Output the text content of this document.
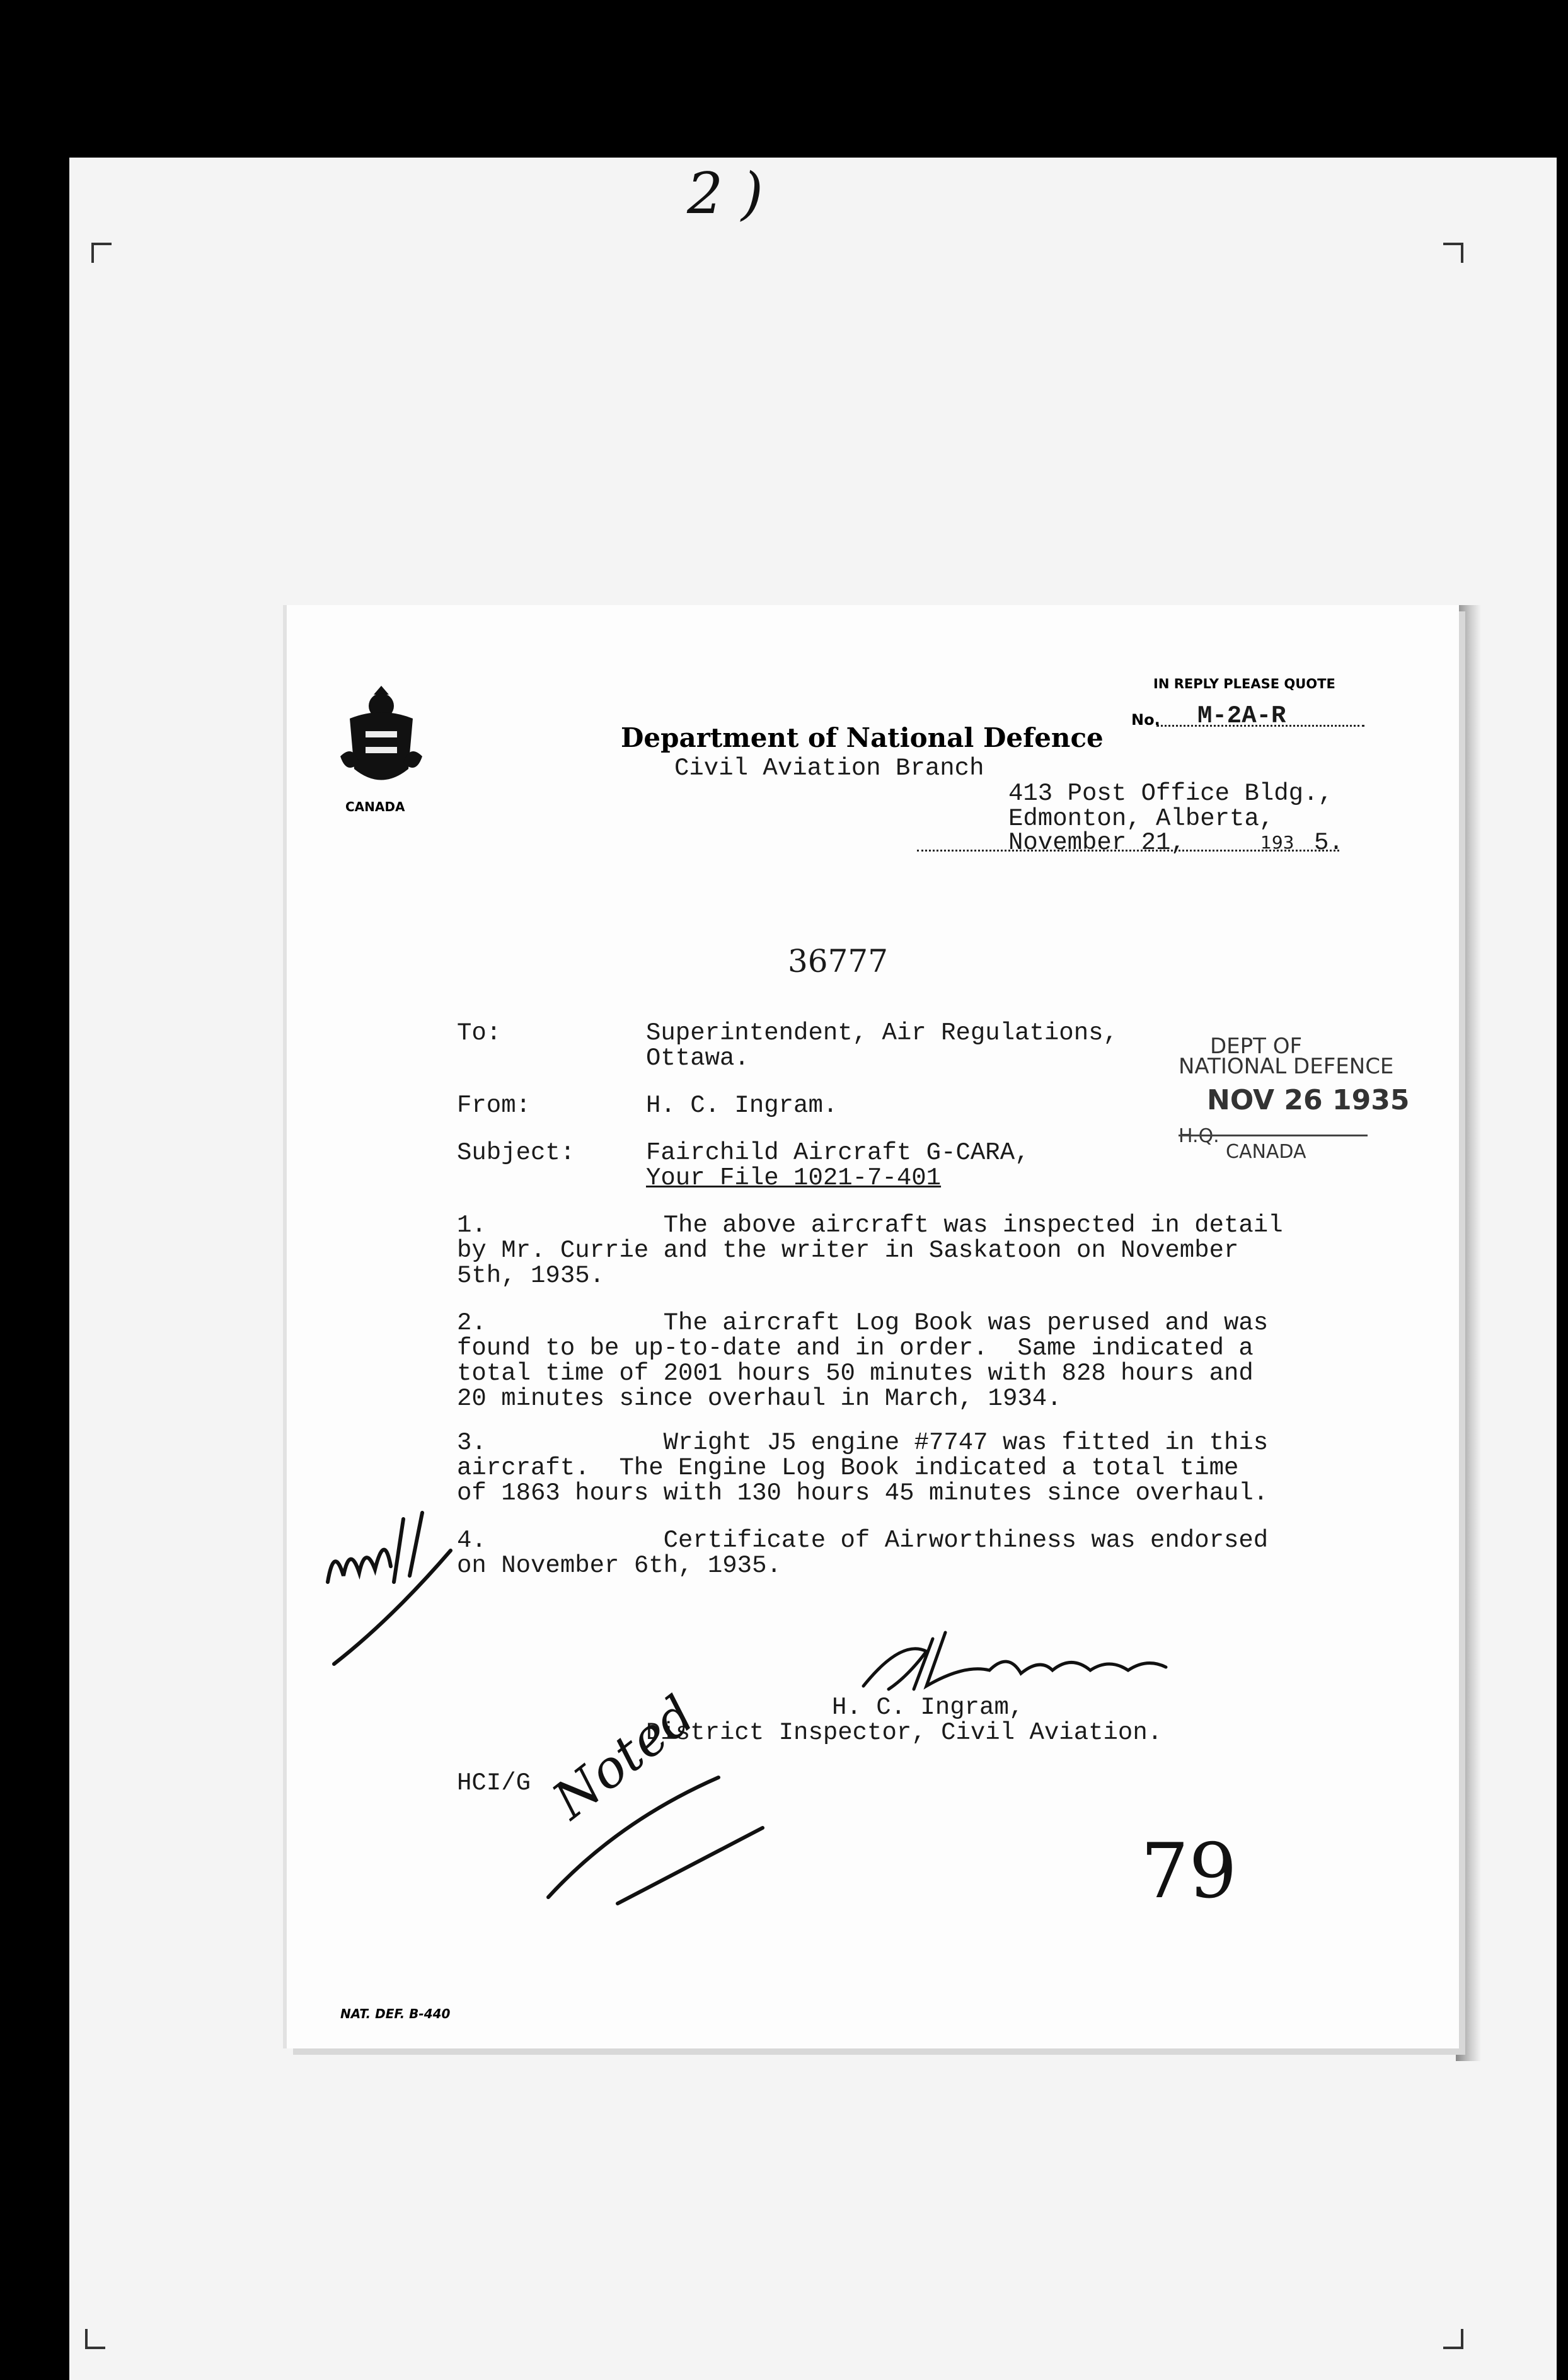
2 )
CANADA
Department of National Defence
Civil Aviation Branch
IN REPLY PLEASE QUOTE
No. M-2A-R
413 Post Office Bldg.,
Edmonton, Alberta,
November 21,	193 5.
36777
To:	Superintendent, Air Regulations,
Ottawa.
From:	H. C. Ingram.
Subject:	Fairchild Aircraft G-CARA,
Your File 1021-7-401
DEPT OF
NATIONAL DEFENCE
NOV 26 1935
H.Q.
CANADA
1.            The above aircraft was inspected in detail
by Mr. Currie and the writer in Saskatoon on November
5th, 1935.
2.            The aircraft Log Book was perused and was
found to be up-to-date and in order.  Same indicated a
total time of 2001 hours 50 minutes with 828 hours and
20 minutes since overhaul in March, 1934.
3.            Wright J5 engine #7747 was fitted in this
aircraft.  The Engine Log Book indicated a total time
of 1863 hours with 130 hours 45 minutes since overhaul.
4.            Certificate of Airworthiness was endorsed
on November 6th, 1935.
H. C. Ingram,
District Inspector, Civil Aviation.
HCI/G Noted
79
NAT. DEF. B-440
